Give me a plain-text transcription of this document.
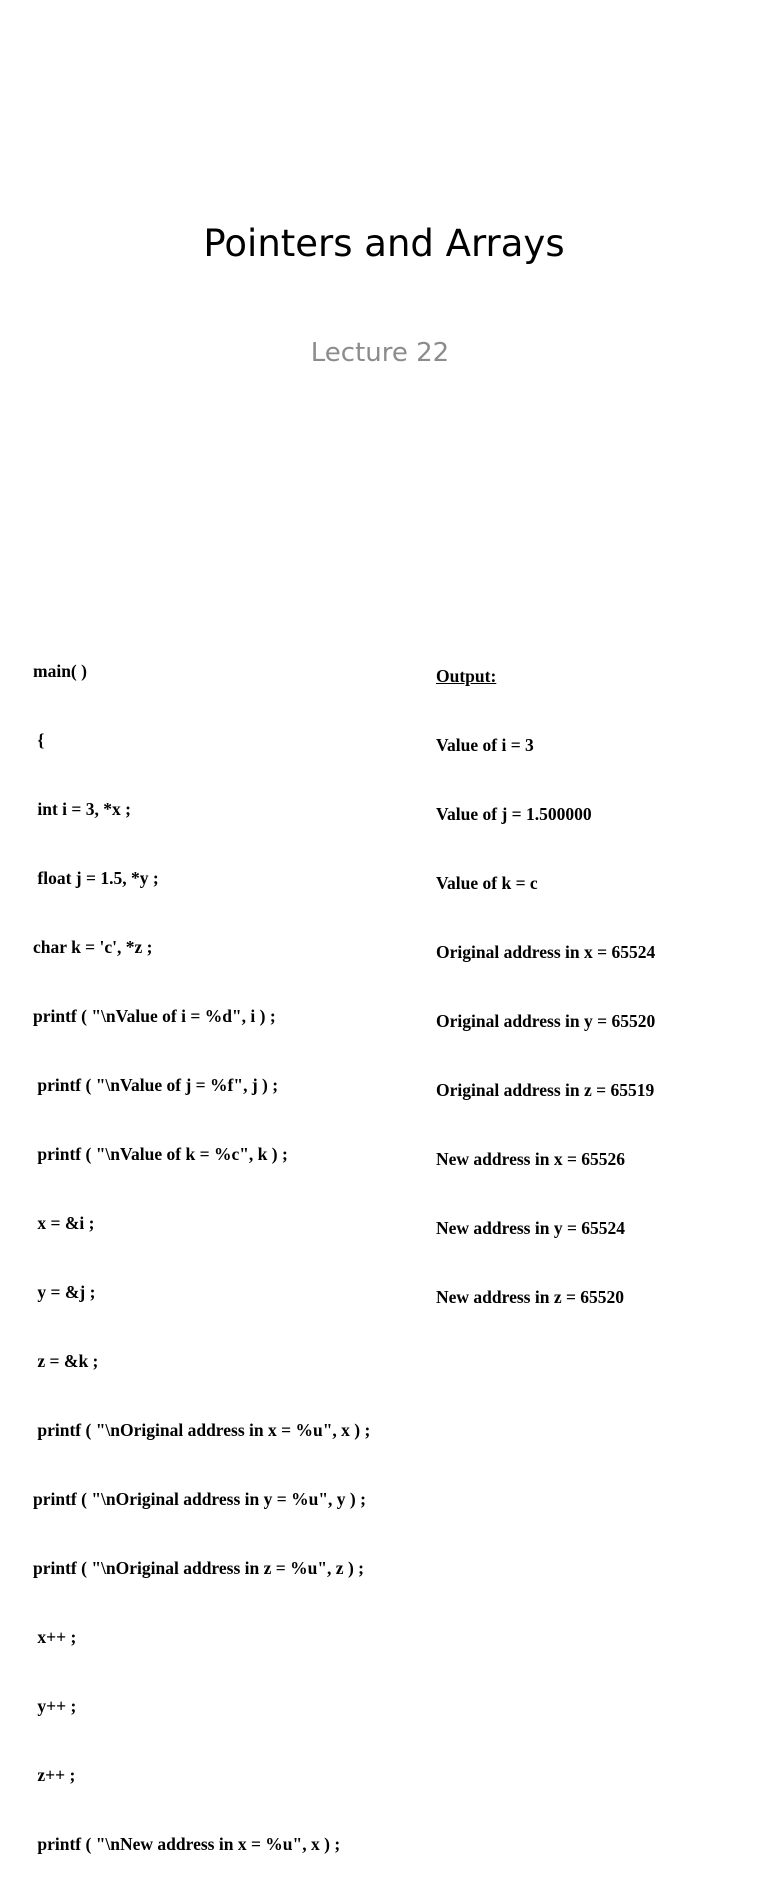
Pointers and Arrays
Lecture 22

main( )

{

int i = 3, *x ;

float j = 1.5, *y ;

char k = 'c', *z ;

printf ( "\nValue of i = %d", i ) ;

printf ( "\nValue of j = %f", j ) ;

printf ( "\nValue of k = %c", k ) ;

x = &i ;

y = &j ;

z = &k ;

printf ( "\nOriginal address in x = %u", x ) ;

printf ( "\nOriginal address in y = %u", y ) ;

printf ( "\nOriginal address in z = %u", z ) ;

x++ ;

y++ ;

z++ ;

printf ( "\nNew address in x = %u", x ) ;

Output:

Value of i = 3

Value of j = 1.500000

Value of k = c

Original address in x = 65524

Original address in y = 65520

Original address in z = 65519

New address in x = 65526

New address in y = 65524

New address in z = 65520
